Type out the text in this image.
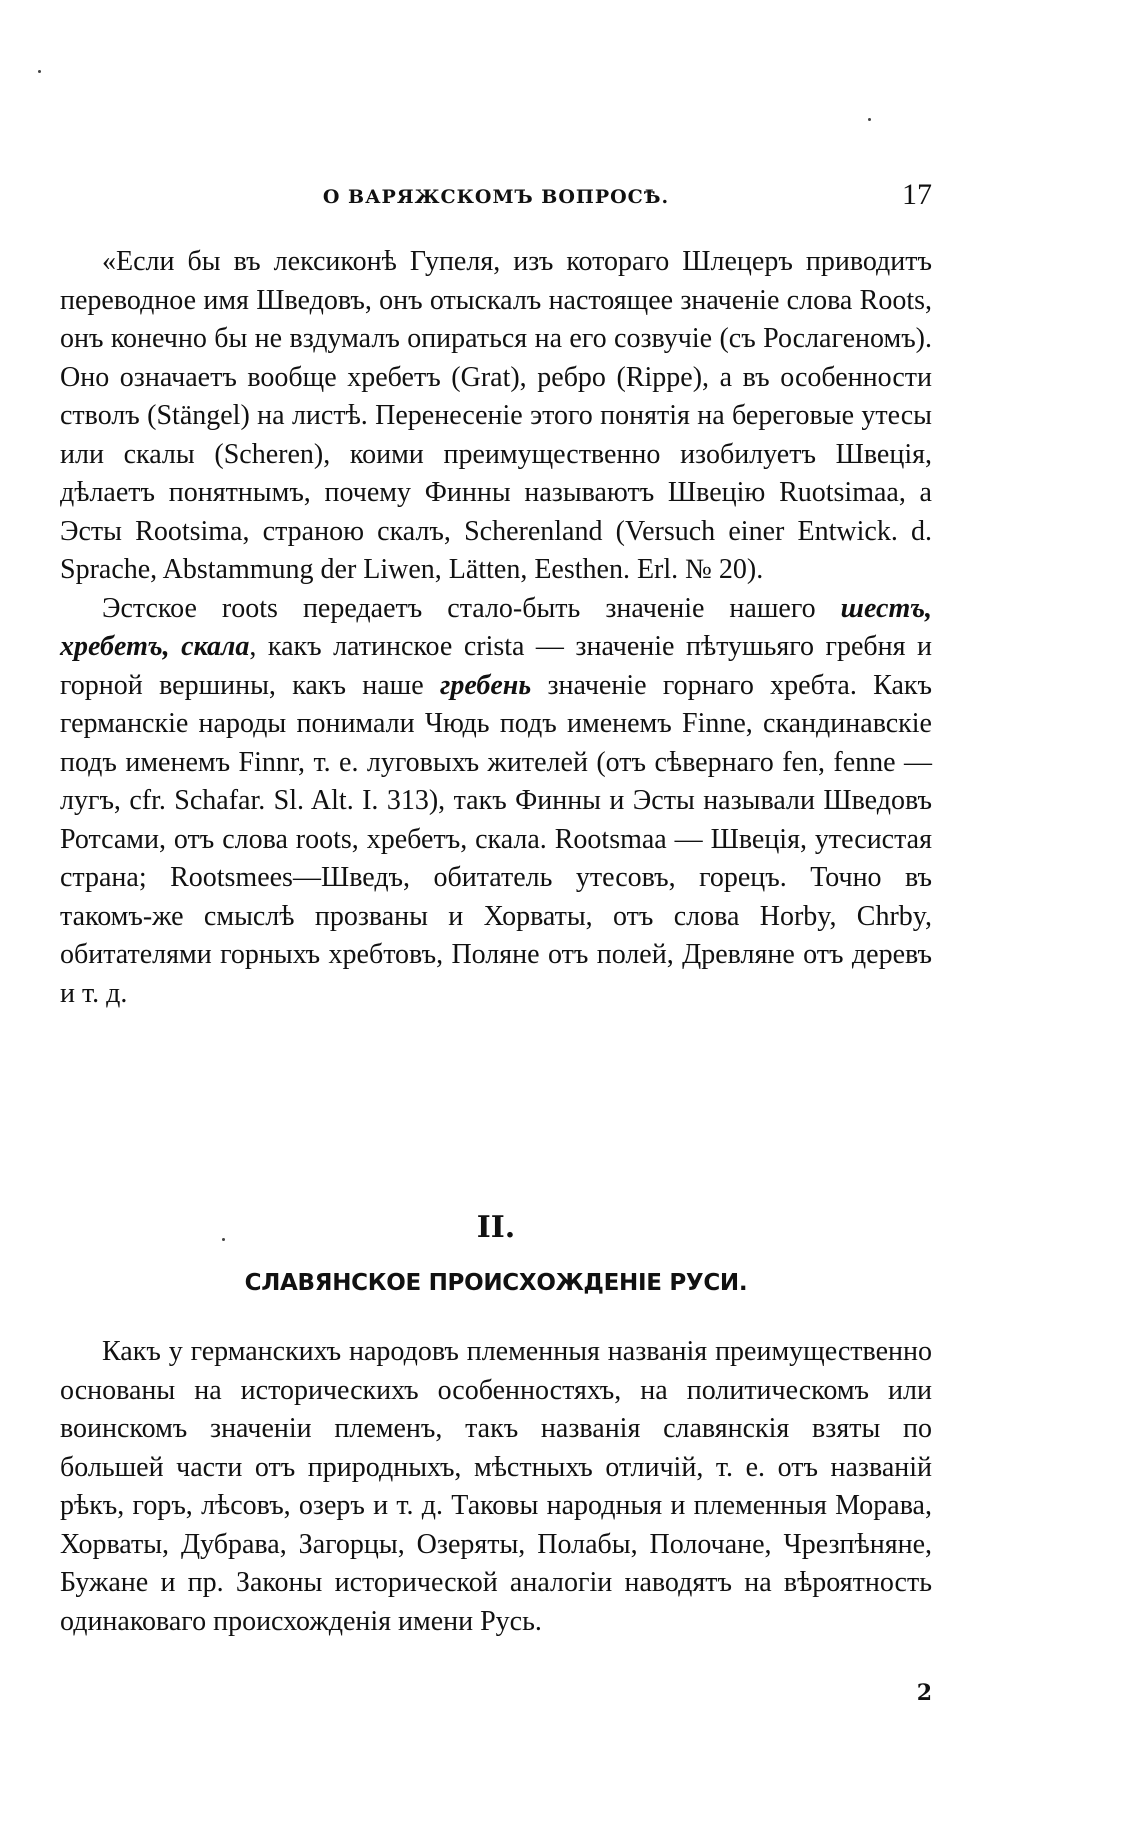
О ВАРЯЖСКОМЪ ВОПРОСѢ.	17

«Если бы въ лексиконѣ Гупеля, изъ котораго Шлецеръ приводитъ переводное имя Шведовъ, онъ отыскалъ настоящее значенiе слова Roots, онъ конечно бы не вздумалъ опираться на его созвучiе (съ Рослагеномъ). Оно означаетъ вообще хребетъ (Grat), ребро (Rippe), а въ особенности стволъ (Stängel) на листѣ. Перенесенiе этого понятiя на береговые утесы или скалы (Scheren), коими преимущественно изобилуетъ Швецiя, дѣлаетъ понятнымъ, почему Финны называютъ Швецiю Ruotsimaa, а Эсты Rootsima, страною скалъ, Scherenland (Versuch einer Entwick. d. Sprache, Abstammung der Liwen, Lätten, Eesthen. Erl. № 20).

Эстское roots передаетъ стало-быть значенiе нашего шестъ, хребетъ, скала, какъ латинское crista — значенiе пѣтушьяго гребня и горной вершины, какъ наше гребень значенiе горнаго хребта. Какъ германскiе народы понимали Чюдь подъ именемъ Finne, скандинавскiе подъ именемъ Finnr, т. е. луговыхъ жителей (отъ сѣвернаго fen, fenne — лугъ, cfr. Schafar. Sl. Alt. I. 313), такъ Финны и Эсты называли Шведовъ Ротсами, отъ слова roots, хребетъ, скала. Rootsmaa — Швецiя, утесистая страна; Rootsmees—Шведъ, обитатель утесовъ, горецъ. Точно въ такомъ-же смыслѣ прозваны и Хорваты, отъ слова Horby, Chrby, обитателями горныхъ хребтовъ, Поляне отъ полей, Древляне отъ деревъ и т. д.

II.
СЛАВЯНСКОЕ ПРОИСХОЖДЕНIЕ РУСИ.

Какъ у германскихъ народовъ племенныя названiя преимущественно основаны на историческихъ особенностяхъ, на политическомъ или воинскомъ значенiи племенъ, такъ названiя славянскiя взяты по большей части отъ природныхъ, мѣстныхъ отличiй, т. е. отъ названiй рѣкъ, горъ, лѣсовъ, озеръ и т. д. Таковы народныя и племенныя Морава, Хорваты, Дубрава, Загорцы, Озеряты, Полабы, Полочане, Чрезпѣняне, Бужане и пр. Законы исторической аналогiи наводятъ на вѣроятность одинаковаго происхожденiя имени Русь.

2
